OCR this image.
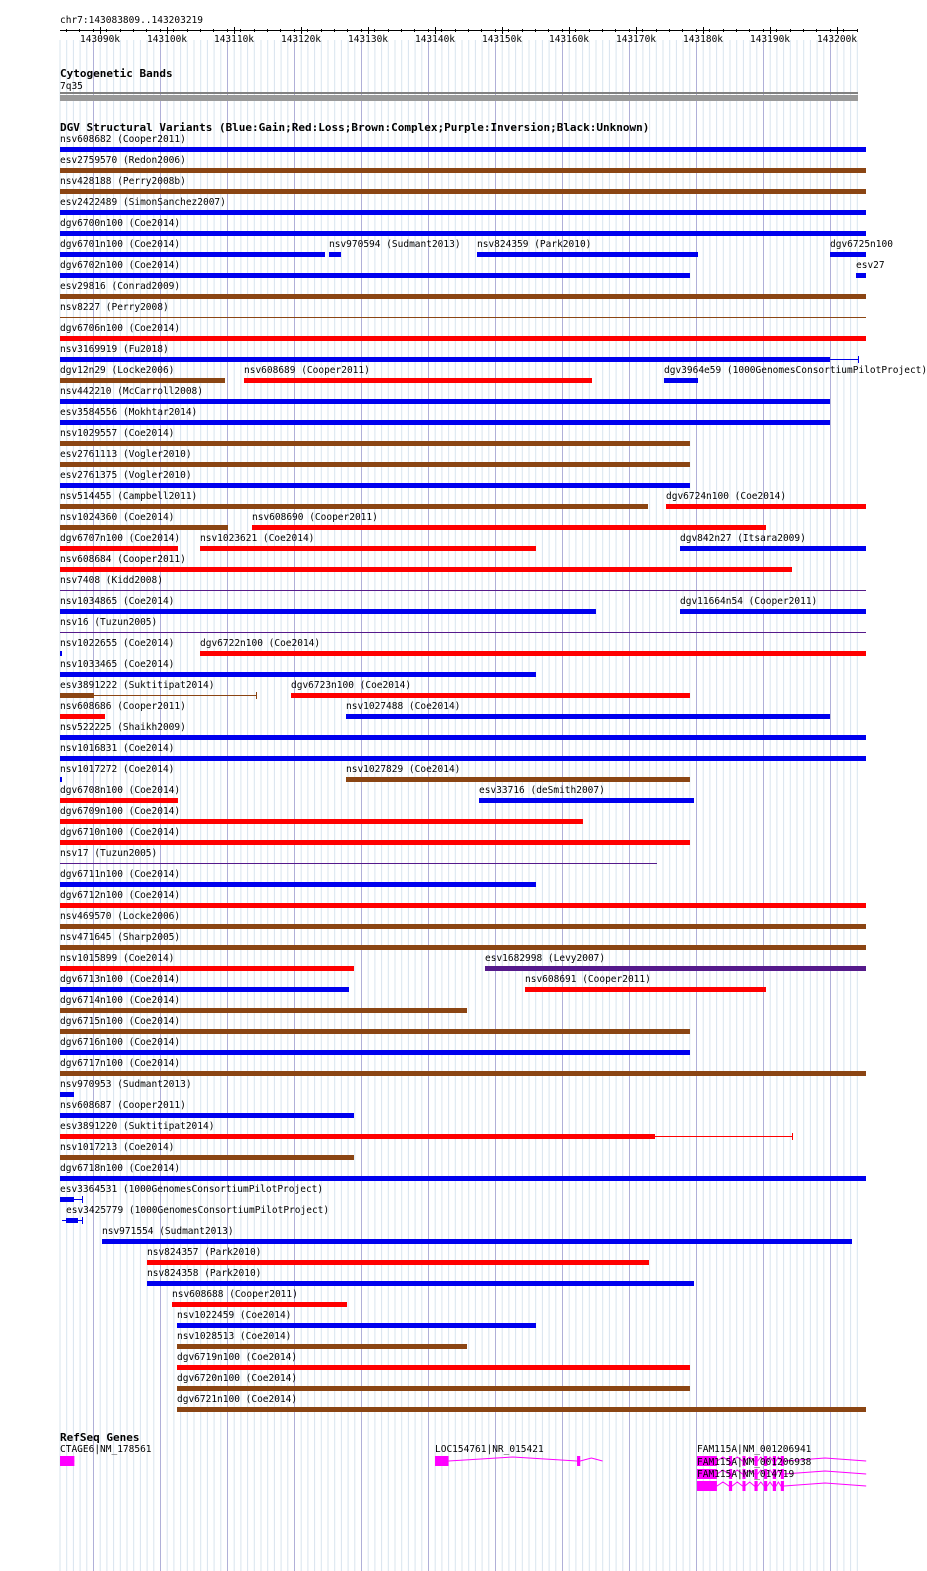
chr7:143083809..143203219
143090k	143100k	143110k	143120k	143130k	143140k	143150k	143160k	143170k	143180k	143190k	143200k
Cytogenetic Bands
7q35
DGV Structural Variants (Blue:Gain;Red:Loss;Brown:Complex;Purple:Inversion;Black:Unknown)
nsv608682 (Cooper2011)
esv2759570 (Redon2006)
nsv428188 (Perry2008b)
esv2422489 (SimonSanchez2007)
dgv6700n100 (Coe2014)
dgv6701n100 (Coe2014)	nsv970594 (Sudmant2013) nsv824359 (Park2010)	dgv6725n100
dgv6702n100 (Coe2014)	esv27
esv29816 (Conrad2009)
nsv8227 (Perry2008)
dgv6706n100 (Coe2014)
nsv3169919 (Fu2018)
dgv12n29 (Locke2006)	nsv608689 (Cooper2011)	dgv3964e59 (1000GenomesConsortiumPilotProject)
nsv442210 (McCarroll2008)
esv3584556 (Mokhtar2014)
nsv1029557 (Coe2014)
esv2761113 (Vogler2010)
esv2761375 (Vogler2010)
nsv514455 (Campbell2011)	dgv6724n100 (Coe2014)
nsv1024360 (Coe2014)	nsv608690 (Cooper2011)
dgv6707n100 (Coe2014) nsv1023621 (Coe2014)	dgv842n27 (Itsara2009)
nsv608684 (Cooper2011)
nsv7408 (Kidd2008)
nsv1034865 (Coe2014)	dgv11664n54 (Cooper2011)
nsv16 (Tuzun2005)
nsv1022655 (Coe2014)	dgv6722n100 (Coe2014)
nsv1033465 (Coe2014)
esv3891222 (Suktitipat2014)	dgv6723n100 (Coe2014)
nsv608686 (Cooper2011)	nsv1027488 (Coe2014)
nsv522225 (Shaikh2009)
nsv1016831 (Coe2014)
nsv1017272 (Coe2014)	nsv1027829 (Coe2014)
dgv6708n100 (Coe2014)	esv33716 (deSmith2007)
dgv6709n100 (Coe2014)
dgv6710n100 (Coe2014)
nsv17 (Tuzun2005)
dgv6711n100 (Coe2014)
dgv6712n100 (Coe2014)
nsv469570 (Locke2006)
nsv471645 (Sharp2005)
nsv1015899 (Coe2014)	esv1682998 (Levy2007)
dgv6713n100 (Coe2014)	nsv608691 (Cooper2011)
dgv6714n100 (Coe2014)
dgv6715n100 (Coe2014)
dgv6716n100 (Coe2014)
dgv6717n100 (Coe2014)
nsv970953 (Sudmant2013)
nsv608687 (Cooper2011)
esv3891220 (Suktitipat2014)
nsv1017213 (Coe2014)
dgv6718n100 (Coe2014)
esv3364531 (1000GenomesConsortiumPilotProject)
esv3425779 (1000GenomesConsortiumPilotProject)
nsv971554 (Sudmant2013)
nsv824357 (Park2010)
nsv824358 (Park2010)
nsv608688 (Cooper2011)
nsv1022459 (Coe2014)
nsv1028513 (Coe2014)
dgv6719n100 (Coe2014)
dgv6720n100 (Coe2014)
dgv6721n100 (Coe2014)
RefSeq Genes
CTAGE6|NM_178561	LOC154761|NR_015421	FAM115A|NM_001206941
FAM115A|NM_001206938
FAM115A|NM_014719
